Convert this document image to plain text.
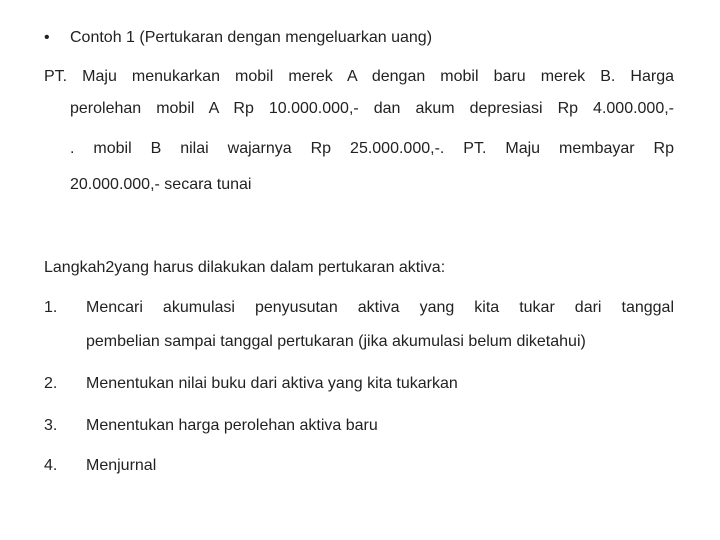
• Contoh 1 (Pertukaran dengan mengeluarkan uang)
PT. Maju menukarkan mobil merek A dengan mobil baru merek B. Harga
perolehan mobil A Rp 10.000.000,- dan akum depresiasi Rp 4.000.000,-
. mobil B nilai wajarnya Rp 25.000.000,-. PT. Maju membayar Rp
20.000.000,- secara tunai
Langkah2yang harus dilakukan dalam pertukaran aktiva:
1.	Mencari akumulasi penyusutan aktiva yang kita tukar dari tanggal
pembelian sampai tanggal pertukaran (jika akumulasi belum diketahui)
2.	Menentukan nilai buku dari aktiva yang kita tukarkan
3.	Menentukan harga perolehan aktiva baru
4.	Menjurnal
